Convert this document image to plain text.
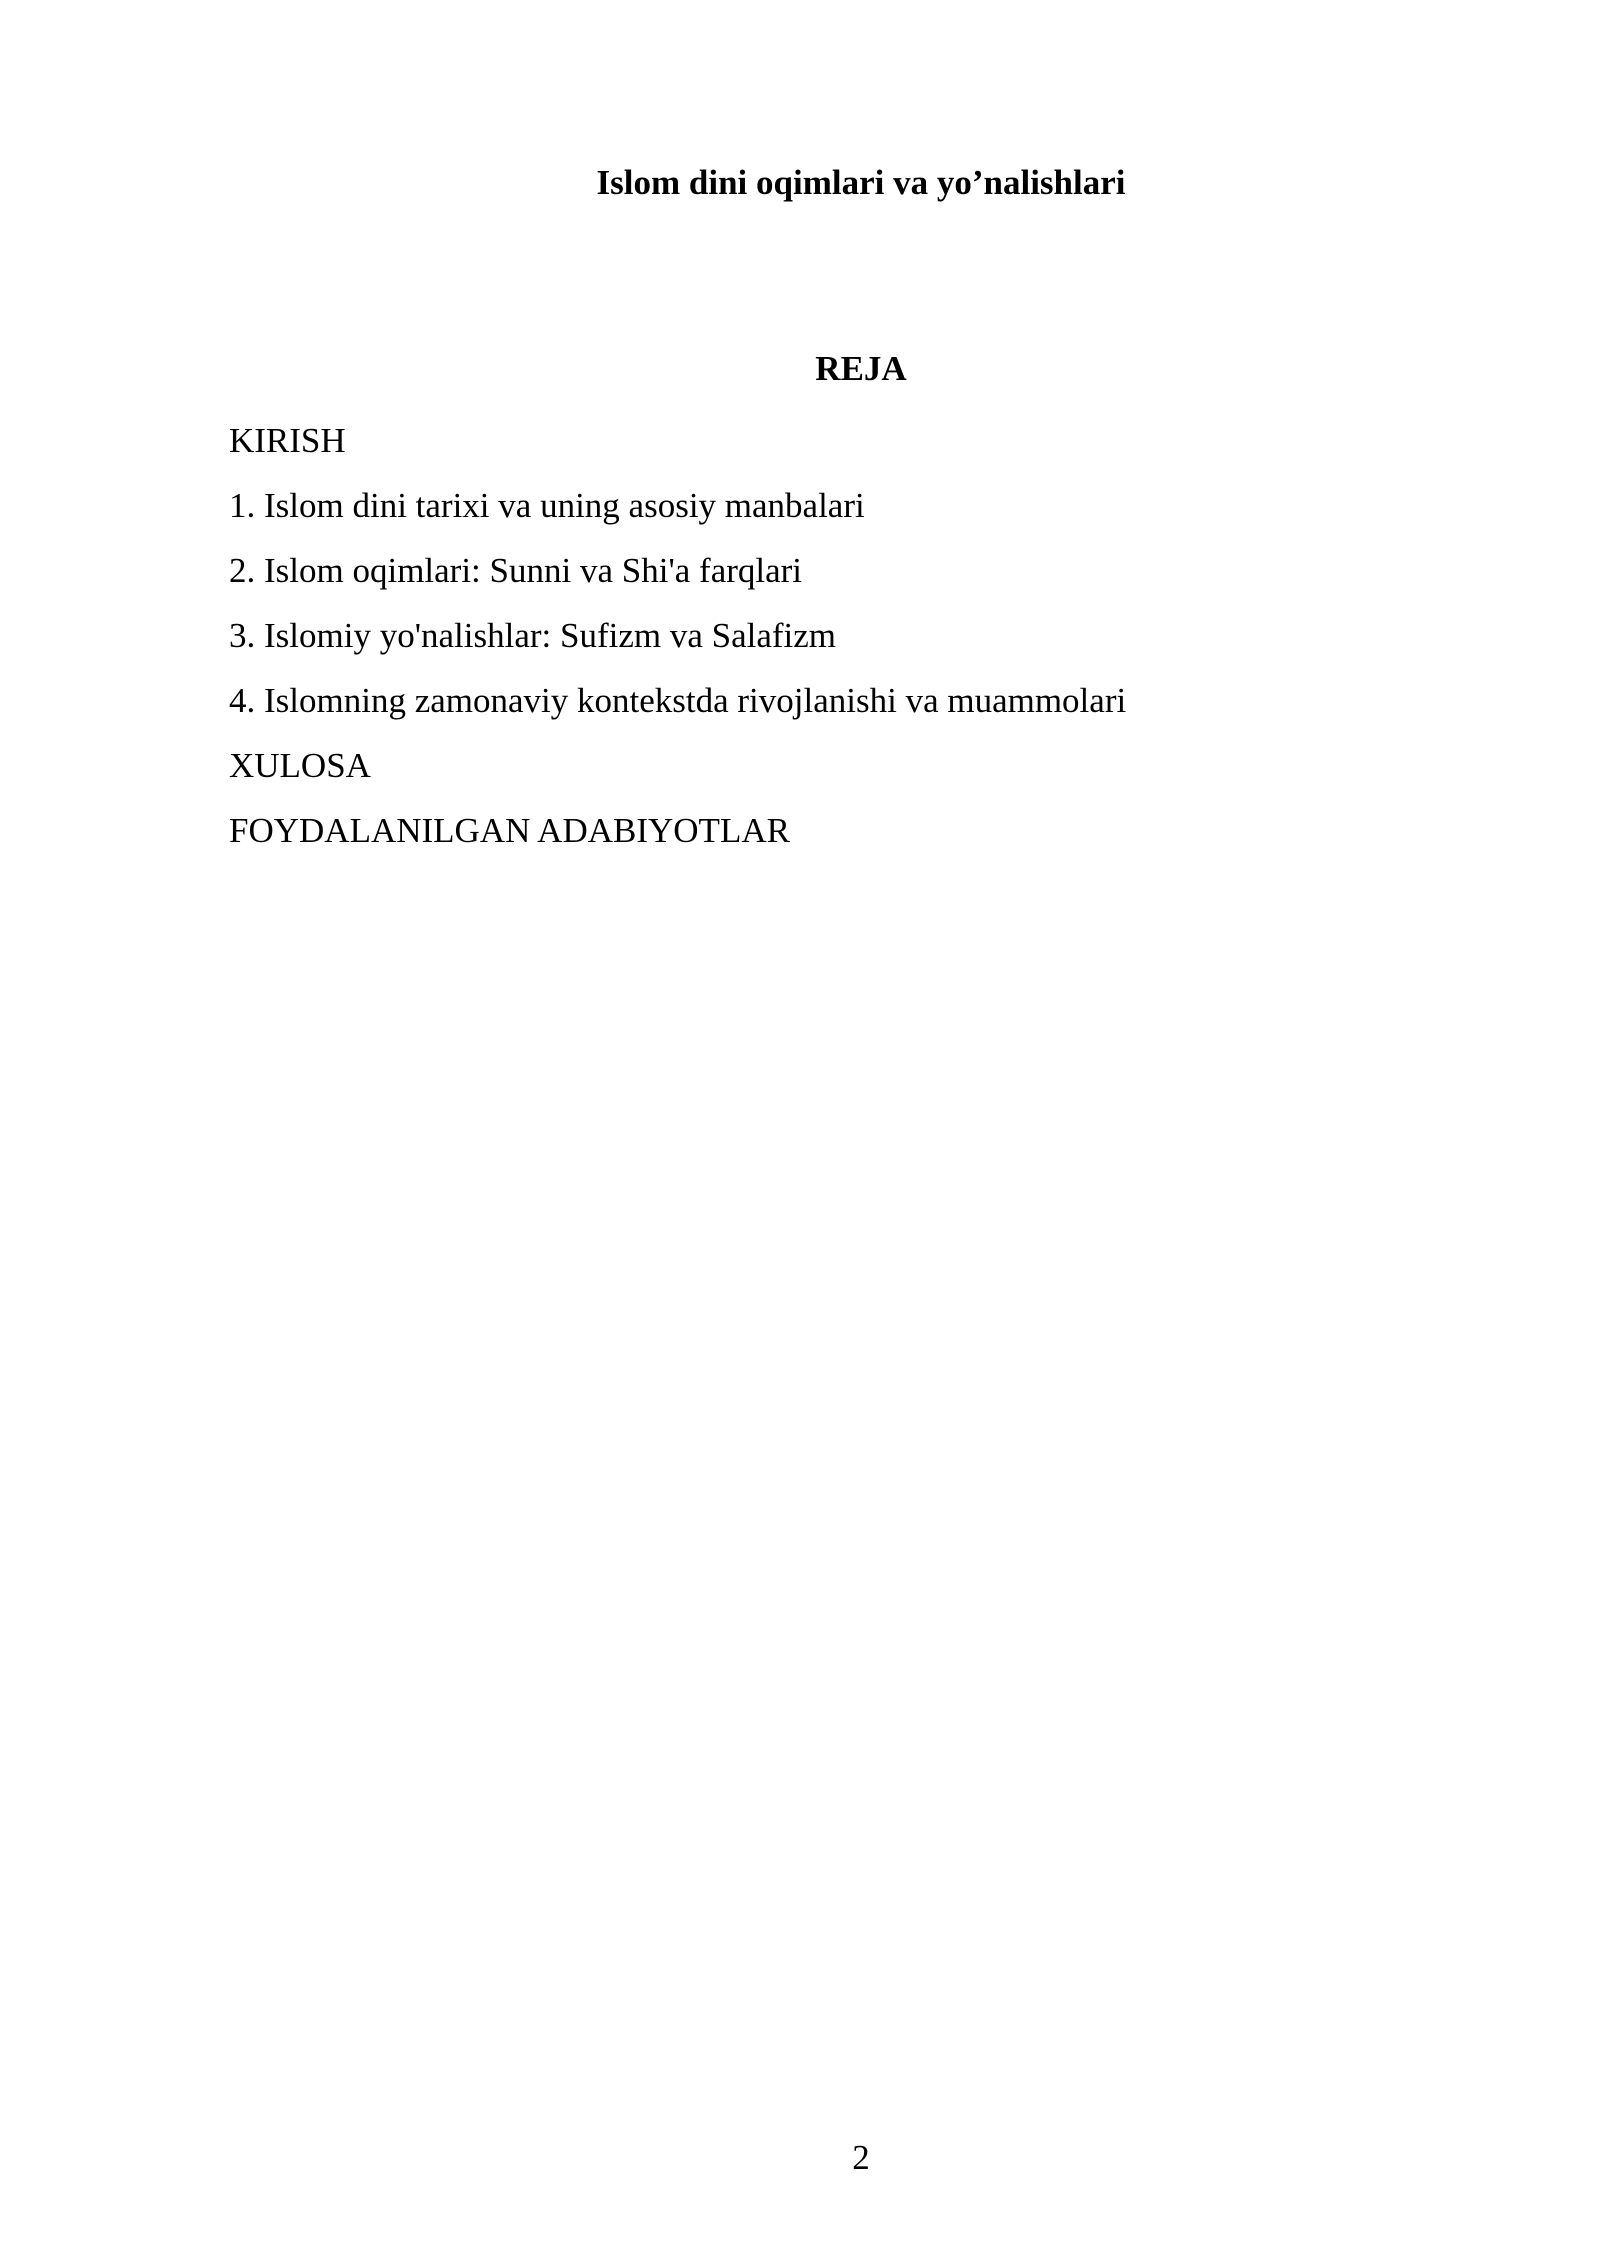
Islom dini oqimlari va yo’nalishlari
REJA
KIRISH
1. Islom dini tarixi va uning asosiy manbalari
2. Islom oqimlari: Sunni va Shi'a farqlari
3. Islomiy yo'nalishlar: Sufizm va Salafizm
4. Islomning zamonaviy kontekstda rivojlanishi va muammolari
XULOSA
FOYDALANILGAN ADABIYOTLAR
2
